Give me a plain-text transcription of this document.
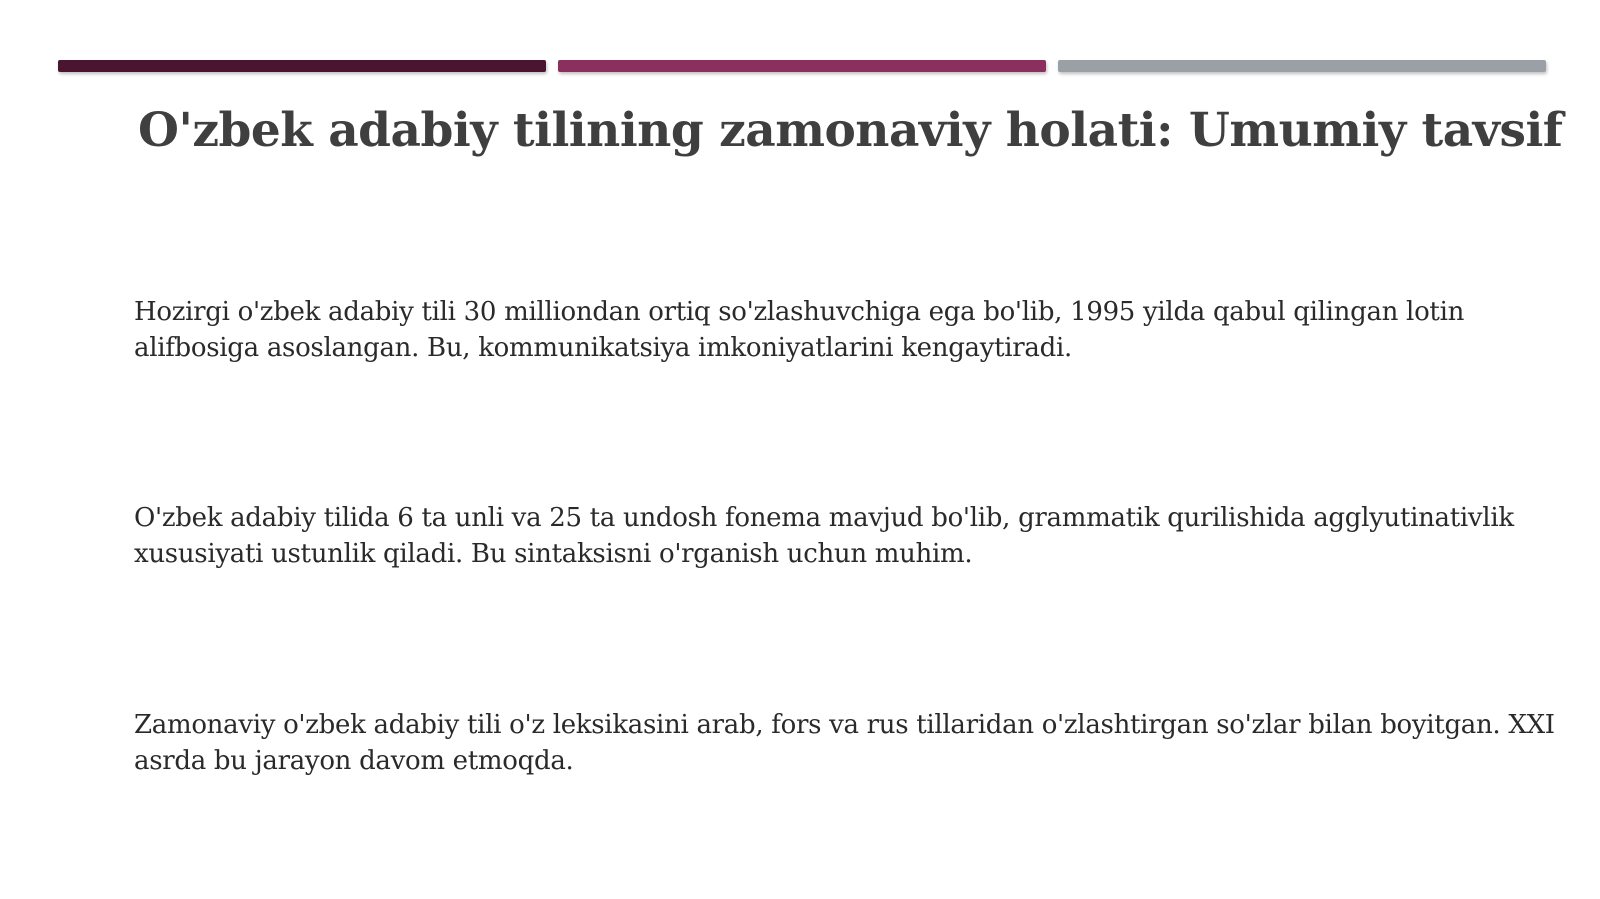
O'zbek adabiy tilining zamonaviy holati: Umumiy tavsif

Hozirgi o'zbek adabiy tili 30 milliondan ortiq so'zlashuvchiga ega bo'lib, 1995 yilda qabul qilingan lotin alifbosiga asoslangan. Bu, kommunikatsiya imkoniyatlarini kengaytiradi.

O'zbek adabiy tilida 6 ta unli va 25 ta undosh fonema mavjud bo'lib, grammatik qurilishida agglyutinativlik xususiyati ustunlik qiladi. Bu sintaksisni o'rganish uchun muhim.

Zamonaviy o'zbek adabiy tili o'z leksikasini arab, fors va rus tillaridan o'zlashtirgan so'zlar bilan boyitgan. XXI asrda bu jarayon davom etmoqda.
